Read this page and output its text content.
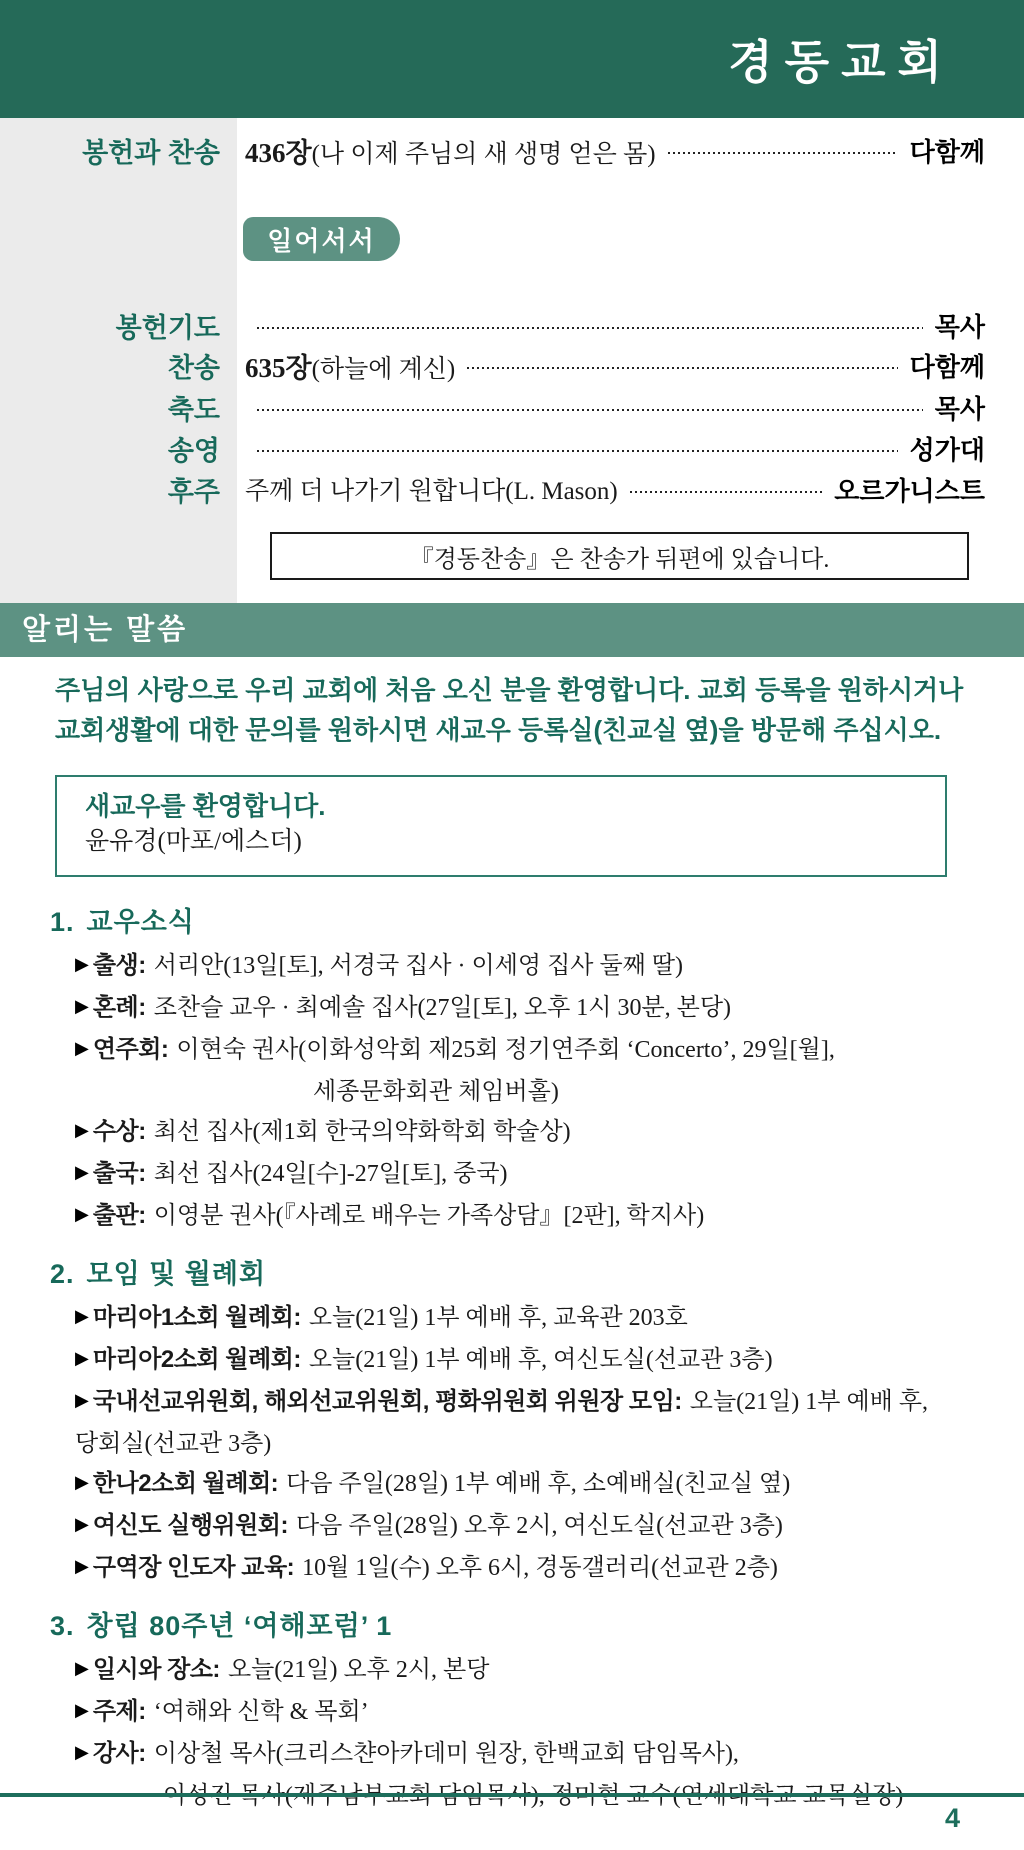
경동교회
봉헌과 찬송 436장(나 이제 주님의 새 생명 얻은 몸)	다함께
봉헌기도	목사
찬송 635장(하늘에 계신)	다함께
축도	목사
송영	성가대
후주 주께 더 나가기 원합니다(L. Mason)	오르가니스트
일어서서
『경동찬송』은 찬송가 뒤편에 있습니다.
알리는 말씀
주님의 사랑으로 우리 교회에 처음 오신 분을 환영합니다. 교회 등록을 원하시거나
교회생활에 대한 문의를 원하시면 새교우 등록실(친교실 옆)을 방문해 주십시오.
새교우를 환영합니다.
윤유경(마포/에스더)
1. 교우소식
▶ 출생: 서리안(13일[토], 서경국 집사 · 이세영 집사 둘째 딸)
▶ 혼례: 조찬슬 교우 · 최예솔 집사(27일[토], 오후 1시 30분, 본당)
▶ 연주회: 이현숙 권사(이화성악회 제25회 정기연주회 ‘Concerto’, 29일[월],
세종문화회관 체임버홀)
▶ 수상: 최선 집사(제1회 한국의약화학회 학술상)
▶ 출국: 최선 집사(24일[수]-27일[토], 중국)
▶ 출판: 이영분 권사(『사례로 배우는 가족상담』[2판], 학지사)
2. 모임 및 월례회
▶ 마리아1소회 월례회: 오늘(21일) 1부 예배 후, 교육관 203호
▶ 마리아2소회 월례회: 오늘(21일) 1부 예배 후, 여신도실(선교관 3층)
▶ 국내선교위원회, 해외선교위원회, 평화위원회 위원장 모임: 오늘(21일) 1부 예배 후,
당회실(선교관 3층)
▶ 한나2소회 월례회: 다음 주일(28일) 1부 예배 후, 소예배실(친교실 옆)
▶ 여신도 실행위원회: 다음 주일(28일) 오후 2시, 여신도실(선교관 3층)
▶ 구역장 인도자 교육: 10월 1일(수) 오후 6시, 경동갤러리(선교관 2층)
3. 창립 80주년 ‘여해포럼’ 1
▶ 일시와 장소: 오늘(21일) 오후 2시, 본당
▶ 주제: ‘여해와 신학 & 목회’
▶ 강사: 이상철 목사(크리스챤아카데미 원장, 한백교회 담임목사),
4
